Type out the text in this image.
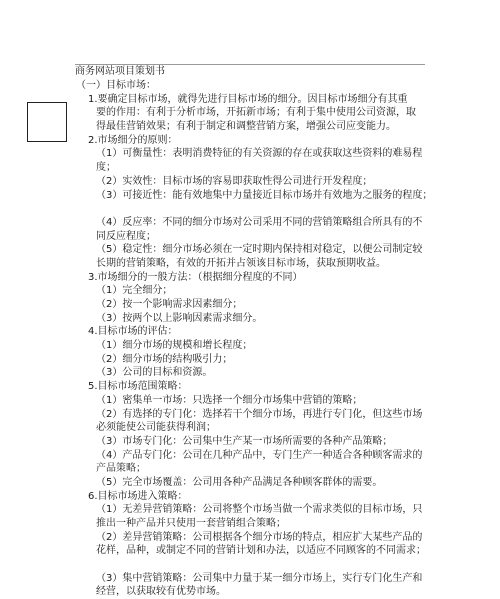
商务网站项目策划书
（一）目标市场：
1.要确定目标市场，就得先进行目标市场的细分。因目标市场细分有其重
要的作用：有利于分析市场，开拓新市场；有利于集中使用公司资源，取
得最佳营销效果；有利于制定和调整营销方案，增强公司应变能力。
2.市场细分的原则：
（1）可衡量性：表明消费特征的有关资源的存在或获取这些资料的难易程
度；
（2）实效性：目标市场的容易即获取性得公司进行开发程度；
（3）可接近性：能有效地集中力量接近目标市场并有效地为之服务的程度；
（4）反应率：不同的细分市场对公司采用不同的营销策略组合所具有的不
同反应程度；
（5）稳定性：细分市场必须在一定时期内保持相对稳定，以便公司制定较
长期的营销策略，有效的开拓并占领该目标市场，获取预期收益。
3.市场细分的一般方法：（根据细分程度的不同）
（1）完全细分；
（2）按一个影响需求因素细分；
（3）按两个以上影响因素需求细分。
4.目标市场的评估：
（1）细分市场的规模和增长程度；
（2）细分市场的结构吸引力；
（3）公司的目标和资源。
5.目标市场范围策略：
（1）密集单一市场：只选择一个细分市场集中营销的策略；
（2）有选择的专门化：选择若干个细分市场，再进行专门化，但这些市场
必须能使公司能获得利润；
（3）市场专门化：公司集中生产某一市场所需要的各种产品策略；
（4）产品专门化：公司在几种产品中，专门生产一种适合各种顾客需求的
产品策略；
（5）完全市场覆盖：公司用各种产品满足各种顾客群体的需要。
6.目标市场进入策略：
（1）无差异营销策略：公司将整个市场当做一个需求类似的目标市场，只
推出一种产品并只使用一套营销组合策略；
（2）差异营销策略：公司根据各个细分市场的特点，相应扩大某些产品的
花样，品种，或制定不同的营销计划和办法，以适应不同顾客的不同需求；
（3）集中营销策略：公司集中力量于某一细分市场上，实行专门化生产和
经营，以获取较有优势市场。
